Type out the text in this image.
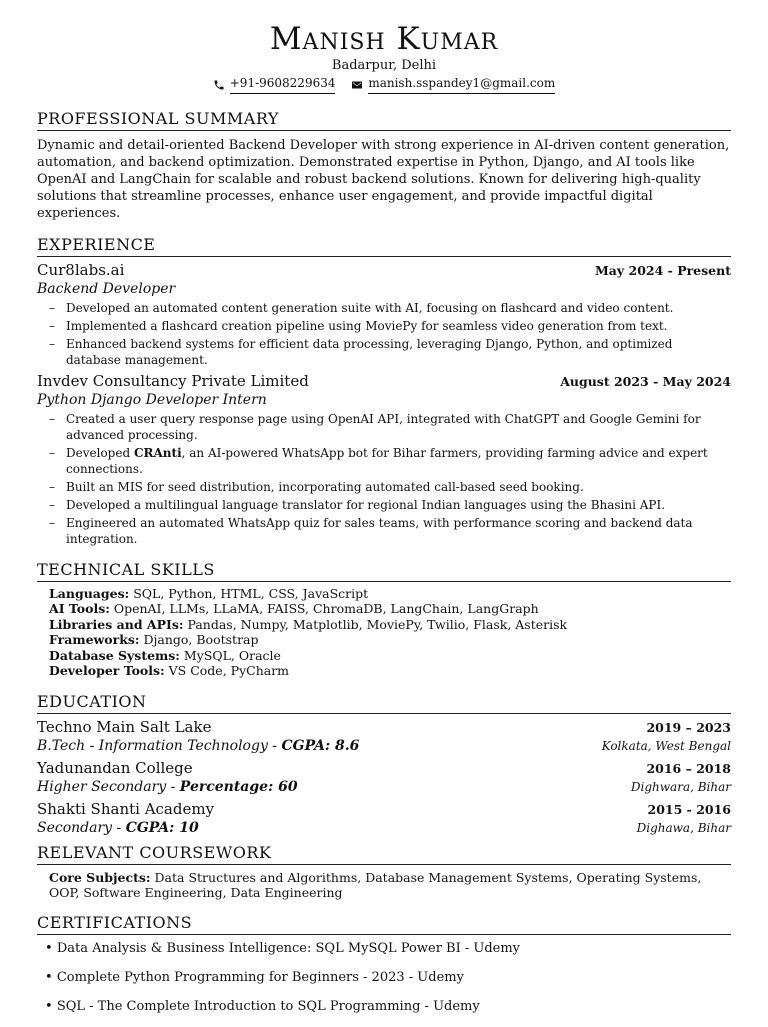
Manish Kumar
Badarpur, Delhi
+91-9608229634
	manish.sspandey1@gmail.com
PROFESSIONAL SUMMARY
Dynamic and detail-oriented Backend Developer with strong experience in AI-driven content generation, automation, and backend optimization. Demonstrated expertise in Python, Django, and AI tools like OpenAI and LangChain for scalable and robust backend solutions. Known for delivering high-quality solutions that streamline processes, enhance user engagement, and provide impactful digital experiences.
EXPERIENCE
Cur8labs.ai	May 2024 - Present
Backend Developer
– Developed an automated content generation suite with AI, focusing on flashcard and video content.
– Implemented a flashcard creation pipeline using MoviePy for seamless video generation from text.
– Enhanced backend systems for efficient data processing, leveraging Django, Python, and optimized database management.
Invdev Consultancy Private Limited	August 2023 - May 2024
Python Django Developer Intern
– Created a user query response page using OpenAI API, integrated with ChatGPT and Google Gemini for advanced processing.
– Developed CRAnti, an AI-powered WhatsApp bot for Bihar farmers, providing farming advice and expert connections.
– Built an MIS for seed distribution, incorporating automated call-based seed booking.
– Developed a multilingual language translator for regional Indian languages using the Bhasini API.
– Engineered an automated WhatsApp quiz for sales teams, with performance scoring and backend data integration.
TECHNICAL SKILLS
Languages: SQL, Python, HTML, CSS, JavaScript
AI Tools: OpenAI, LLMs, LLaMA, FAISS, ChromaDB, LangChain, LangGraph
Libraries and APIs: Pandas, Numpy, Matplotlib, MoviePy, Twilio, Flask, Asterisk
Frameworks: Django, Bootstrap
Database Systems: MySQL, Oracle
Developer Tools: VS Code, PyCharm
EDUCATION
Techno Main Salt Lake	2019 – 2023
B.Tech - Information Technology - CGPA: 8.6	Kolkata, West Bengal
Yadunandan College	2016 – 2018
Higher Secondary - Percentage: 60	Dighwara, Bihar
Shakti Shanti Academy	2015 - 2016
Secondary - CGPA: 10	Dighawa, Bihar
RELEVANT COURSEWORK
Core Subjects: Data Structures and Algorithms, Database Management Systems, Operating Systems, OOP, Software Engineering, Data Engineering
CERTIFICATIONS
• Data Analysis & Business Intelligence: SQL MySQL Power BI - Udemy
• Complete Python Programming for Beginners - 2023 - Udemy
• SQL - The Complete Introduction to SQL Programming - Udemy
